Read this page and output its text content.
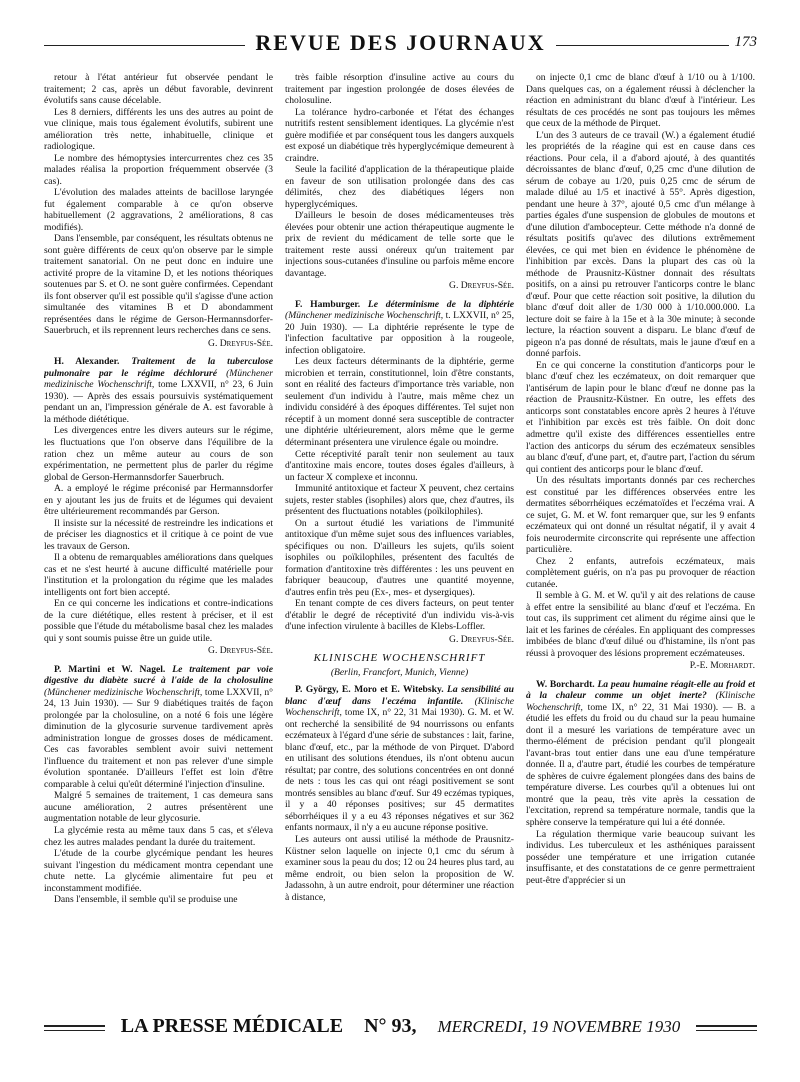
REVUE DES JOURNAUX	173

retour à l'état antérieur fut observée pendant le traitement; 2 cas, après un début favorable, devinrent évolutifs sans cause décelable.

Les 8 derniers, différents les uns des autres au point de vue clinique, mais tous également évolutifs, subirent une amélioration très nette, inhabituelle, clinique et radiologique.

Le nombre des hémoptysies intercurrentes chez ces 35 malades réalisa la proportion fréquemment observée (3 cas).

L'évolution des malades atteints de bacillose laryngée fut également comparable à ce qu'on observe habituellement (2 aggravations, 2 améliorations, 8 cas modifiés).

Dans l'ensemble, par conséquent, les résultats obtenus ne sont guère différents de ceux qu'on observe par le simple traitement sanatorial. On ne peut donc en induire une activité propre de la vitamine D, et les notions théoriques soutenues par S. et O. ne sont guère confirmées. Cependant ils font observer qu'il est possible qu'il s'agisse d'une action simultanée des vitamines B et D abondamment représentées dans le régime de Gerson-Hermannsdorfer-Sauerbruch, et ils reprennent leurs recherches dans ce sens.

G. Dreyfus-Sée.

H. Alexander. Traitement de la tuberculose pulmonaire par le régime déchloruré (Münchener medizinische Wochenschrift, tome LXXVII, n° 23, 6 Juin 1930). — Après des essais poursuivis systématiquement pendant un an, l'impression générale de A. est favorable à la méthode diététique.

Les divergences entre les divers auteurs sur le régime, les fluctuations que l'on observe dans l'équilibre de la ration chez un même auteur au cours de son expérimentation, ne permettent plus de parler du régime global de Gerson-Hermannsdorfer Sauerbruch.

A. a employé le régime préconisé par Hermannsdorfer en y ajoutant les jus de fruits et de légumes qui devaient être ultérieurement recommandés par Gerson.

Il insiste sur la nécessité de restreindre les indications et de préciser les diagnostics et il critique à ce point de vue les travaux de Gerson.

Il a obtenu de remarquables améliorations dans quelques cas et ne s'est heurté à aucune difficulté matérielle pour l'institution et la prolongation du régime que les malades intelligents ont fort bien accepté.

En ce qui concerne les indications et contre-indications de la cure diététique, elles restent à préciser, et il est possible que l'étude du métabolisme basal chez les malades qui y sont soumis puisse être un guide utile.

G. Dreyfus-Sée.

P. Martini et W. Nagel. Le traitement par voie digestive du diabète sucré à l'aide de la cholosuline (Münchener medizinische Wochenschrift, tome LXXVII, n° 24, 13 Juin 1930). — Sur 9 diabétiques traités de façon prolongée par la cholosuline, on a noté 6 fois une légère diminution de la glycosurie survenue tardivement après administration longue de grosses doses de médicament. Ces cas favorables semblent avoir suivi nettement l'influence du traitement et non pas relever d'une simple évolution spontanée. D'ailleurs l'effet est loin d'être comparable à celui qu'eût déterminé l'injection d'insuline.

Malgré 5 semaines de traitement, 1 cas demeura sans aucune amélioration, 2 autres présentèrent une augmentation notable de leur glycosurie.

La glycémie resta au même taux dans 5 cas, et s'éleva chez les autres malades pendant la durée du traitement.

L'étude de la courbe glycémique pendant les heures suivant l'ingestion du médicament montra cependant une chute nette. La glycémie alimentaire fut peu et inconstamment modifiée.

Dans l'ensemble, il semble qu'il se produise une

très faible résorption d'insuline active au cours du traitement par ingestion prolongée de doses élevées de cholosuline.

La tolérance hydro-carbonée et l'état des échanges nutritifs restent sensiblement identiques. La glycémie n'est guère modifiée et par conséquent tous les dangers auxquels est exposé un diabétique très hyperglycémique demeurent à craindre.

Seule la facilité d'application de la thérapeutique plaide en faveur de son utilisation prolongée dans des cas délimités, chez des diabétiques légers non hyperglycémiques.

D'ailleurs le besoin de doses médicamenteuses très élevées pour obtenir une action thérapeutique augmente le prix de revient du médicament de telle sorte que le traitement reste aussi onéreux qu'un traitement par injections sous-cutanées d'insuline ou parfois même encore davantage.

G. Dreyfus-Sée.

F. Hamburger. Le déterminisme de la diphtérie (Münchener medizinische Wochenschrift, t. LXXVII, n° 25, 20 Juin 1930). — La diphtérie représente le type de l'infection facultative par opposition à la rougeole, infection obligatoire.

Les deux facteurs déterminants de la diphtérie, germe microbien et terrain, constitutionnel, loin d'être constants, sont en réalité des facteurs d'importance très variable, non seulement d'un individu à l'autre, mais même chez un individu considéré à des époques différentes. Tel sujet non réceptif à un moment donné sera susceptible de contracter une diphtérie ultérieurement, alors même que le germe déterminant présentera une virulence égale ou moindre.

Cette réceptivité paraît tenir non seulement au taux d'antitoxine mais encore, toutes doses égales d'ailleurs, à un facteur X complexe et inconnu.

Immunité antitoxique et facteur X peuvent, chez certains sujets, rester stables (isophiles) alors que, chez d'autres, ils présentent des fluctuations notables (poïkilophiles).

On a surtout étudié les variations de l'immunité antitoxique d'un même sujet sous des influences variables, spécifiques ou non. D'ailleurs les sujets, qu'ils soient isophiles ou poïkilophiles, présentent des facultés de formation d'antitoxine très différentes : les uns peuvent en fabriquer beaucoup, d'autres une quantité moyenne, d'autres enfin très peu (Ex-, mes- et dysergiques).

En tenant compte de ces divers facteurs, on peut tenter d'établir le degré de réceptivité d'un individu vis-à-vis d'une infection virulente à bacilles de Klebs-Loffler.

G. Dreyfus-Sée.
KLINISCHE WOCHENSCHRIFT
(Berlin, Francfort, Munich, Vienne)

P. György, E. Moro et E. Witebsky. La sensibilité au blanc d'œuf dans l'eczéma infantile. (Klinische Wochenschrift, tome IX, n° 22, 31 Mai 1930). G. M. et W. ont recherché la sensibilité de 94 nourrissons ou enfants eczémateux à l'égard d'une série de substances : lait, farine, blanc d'œuf, etc., par la méthode de von Pirquet. D'abord en utilisant des solutions étendues, ils n'ont obtenu aucun résultat; par contre, des solutions concentrées en ont donné de nets : tous les cas qui ont réagi positivement se sont montrés sensibles au blanc d'œuf. Sur 49 eczémas typiques, il y a 40 réponses positives; sur 45 dermatites séborrhéiques il y a eu 43 réponses négatives et sur 362 enfants normaux, il n'y a eu aucune réponse positive.

Les auteurs ont aussi utilisé la méthode de Prausnitz-Küstner selon laquelle on injecte 0,1 cmc du sérum à examiner sous la peau du dos; 12 ou 24 heures plus tard, au même endroit, ou bien selon la proposition de W. Jadassohn, à un autre endroit, pour déterminer une réaction à distance,

on injecte 0,1 cmc de blanc d'œuf à 1/10 ou à 1/100. Dans quelques cas, on a également réussi à déclencher la réaction en administrant du blanc d'œuf à l'intérieur. Les résultats de ces procédés ne sont pas toujours les mêmes que ceux de la méthode de Pirquet.

L'un des 3 auteurs de ce travail (W.) a également étudié les propriétés de la réagine qui est en cause dans ces réactions. Pour cela, il a d'abord ajouté, à des quantités décroissantes de blanc d'œuf, 0,25 cmc d'une dilution de sérum de cobaye au 1/20, puis 0,25 cmc de sérum de malade dilué au 1/5 et inactivé à 55°. Après digestion, pendant une heure à 37°, ajouté 0,5 cmc d'un mélange à parties égales d'une suspension de globules de moutons et d'une dilution d'ambocepteur. Cette méthode n'a donné de résultats positifs qu'avec des dilutions extrêmement élevées, ce qui met bien en évidence le phénomène de l'inhibition par excès. Dans la plupart des cas où la méthode de Prausnitz-Küstner donnait des résultats positifs, on a ainsi pu retrouver l'anticorps contre le blanc d'œuf. Pour que cette réaction soit positive, la dilution du blanc d'œuf doit aller de 1/30 000 à 1/10.000.000. La lecture doit se faire à la 15e et à la 30e minute; à seconde lecture, la réaction souvent a disparu. Le blanc d'œuf de pigeon n'a pas donné de résultats, mais le jaune d'œuf en a donné parfois.

En ce qui concerne la constitution d'anticorps pour le blanc d'œuf chez les eczémateux, on doit remarquer que l'antisérum de lapin pour le blanc d'œuf ne donne pas la réaction de Prausnitz-Küstner. En outre, les effets des anticorps sont constatables encore après 2 heures à l'étuve et l'inhibition par excès est très faible. On doit donc admettre qu'il existe des différences essentielles entre l'action des anticorps du sérum des eczémateux sensibles au blanc d'œuf, d'une part, et, d'autre part, l'action du sérum qui contient des anticorps pour le blanc d'œuf.

Un des résultats importants donnés par ces recherches est constitué par les différences observées entre les dermatites séborrhéiques eczématoïdes et l'eczéma vrai. A ce sujet, G. M. et W. font remarquer que, sur les 9 enfants eczémateux qui ont donné un résultat négatif, il y avait 4 fois neurodermite circonscrite qui représente une affection particulière.

Chez 2 enfants, autrefois eczémateux, mais complètement guéris, on n'a pas pu provoquer de réaction cutanée.

Il semble à G. M. et W. qu'il y ait des relations de cause à effet entre la sensibilité au blanc d'œuf et l'eczéma. En tout cas, ils suppriment cet aliment du régime ainsi que le lait et les farines de céréales. En appliquant des compresses imbibées de blanc d'œuf dilué ou d'histamine, ils n'ont pas réussi à provoquer des lésions proprement eczémateuses.

P.-E. Morhardt.

W. Borchardt. La peau humaine réagit-elle au froid et à la chaleur comme un objet inerte? (Klinische Wochenschrift, tome IX, n° 22, 31 Mai 1930). — B. a étudié les effets du froid ou du chaud sur la peau humaine dont il a mesuré les variations de température avec un thermo-élément de précision pendant qu'il plongeait l'avant-bras tout entier dans une eau d'une température donnée. Il a, d'autre part, étudié les courbes de température de sphères de cuivre également plongées dans des bains de température diverse. Les courbes qu'il a obtenues lui ont montré que la peau, très vite après la cessation de l'excitation, reprend sa température normale, tandis que la sphère conserve la température qui lui a été donnée.

La régulation thermique varie beaucoup suivant les individus. Les tuberculeux et les asthéniques paraissent posséder une température et une irrigation cutanée insuffisante, et des constatations de ce genre permettraient peut-être d'apprécier si un

LA PRESSE MÉDICALE N° 93, MERCREDI, 19 NOVEMBRE 1930
